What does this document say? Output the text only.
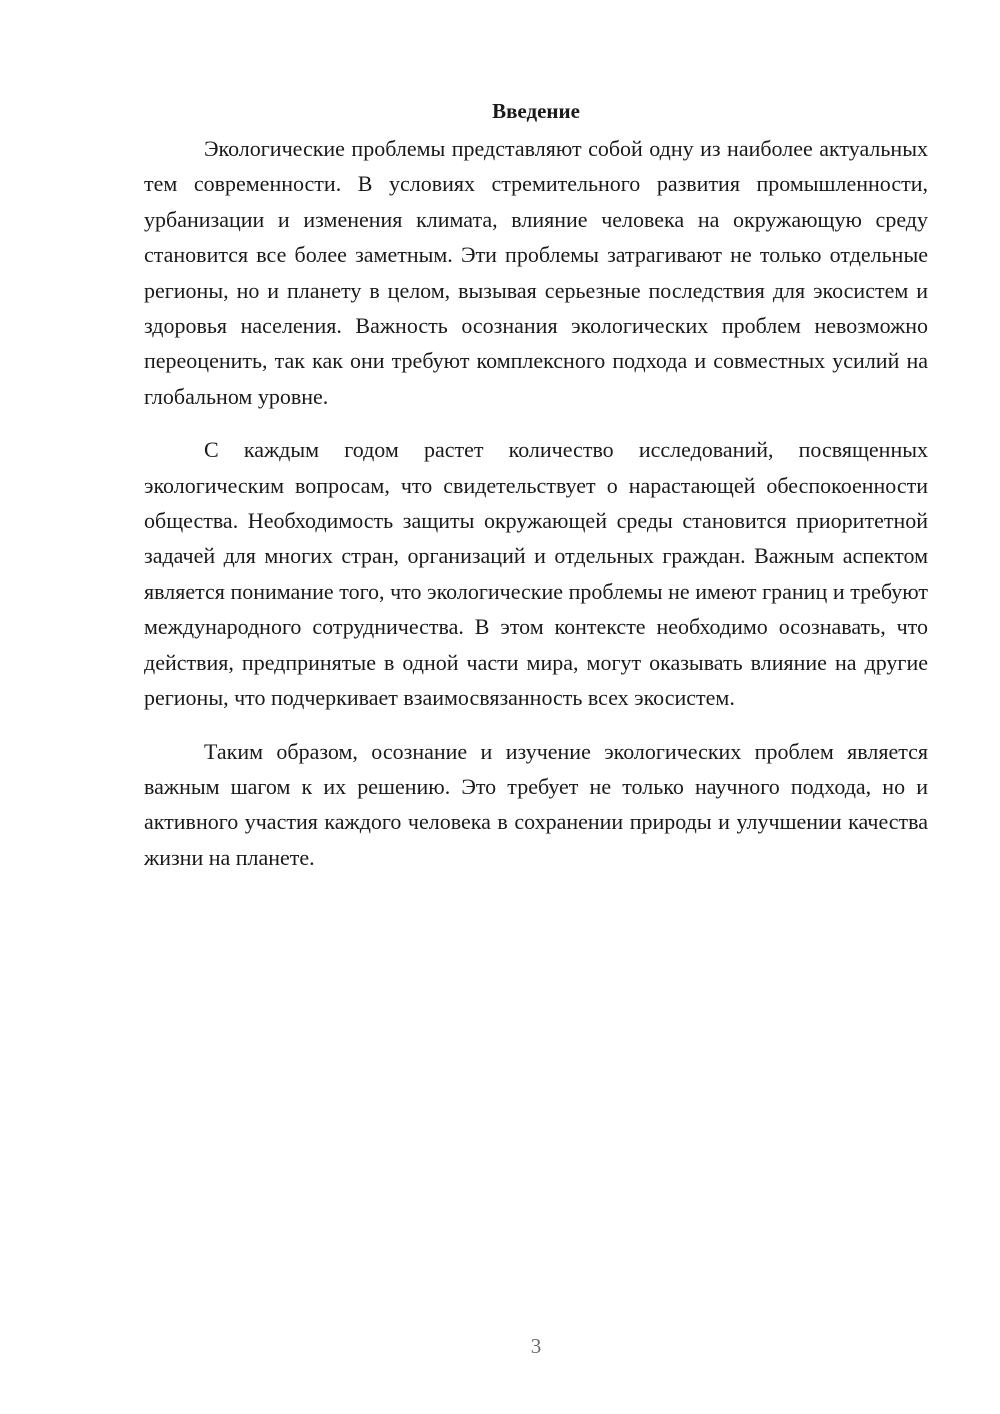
Введение

Экологические проблемы представляют собой одну из наиболее актуальных тем современности. В условиях стремительного развития промышленности, урбанизации и изменения климата, влияние человека на окружающую среду становится все более заметным. Эти проблемы затрагивают не только отдельные регионы, но и планету в целом, вызывая серьезные последствия для экосистем и здоровья населения. Важность осознания экологических проблем невозможно переоценить, так как они требуют комплексного подхода и совместных усилий на глобальном уровне.

С каждым годом растет количество исследований, посвященных экологическим вопросам, что свидетельствует о нарастающей обеспокоенности общества. Необходимость защиты окружающей среды становится приоритетной задачей для многих стран, организаций и отдельных граждан. Важным аспектом является понимание того, что экологические проблемы не имеют границ и требуют международного сотрудничества. В этом контексте необходимо осознавать, что действия, предпринятые в одной части мира, могут оказывать влияние на другие регионы, что подчеркивает взаимосвязанность всех экосистем.

Таким образом, осознание и изучение экологических проблем является важным шагом к их решению. Это требует не только научного подхода, но и активного участия каждого человека в сохранении природы и улучшении качества жизни на планете.

3
